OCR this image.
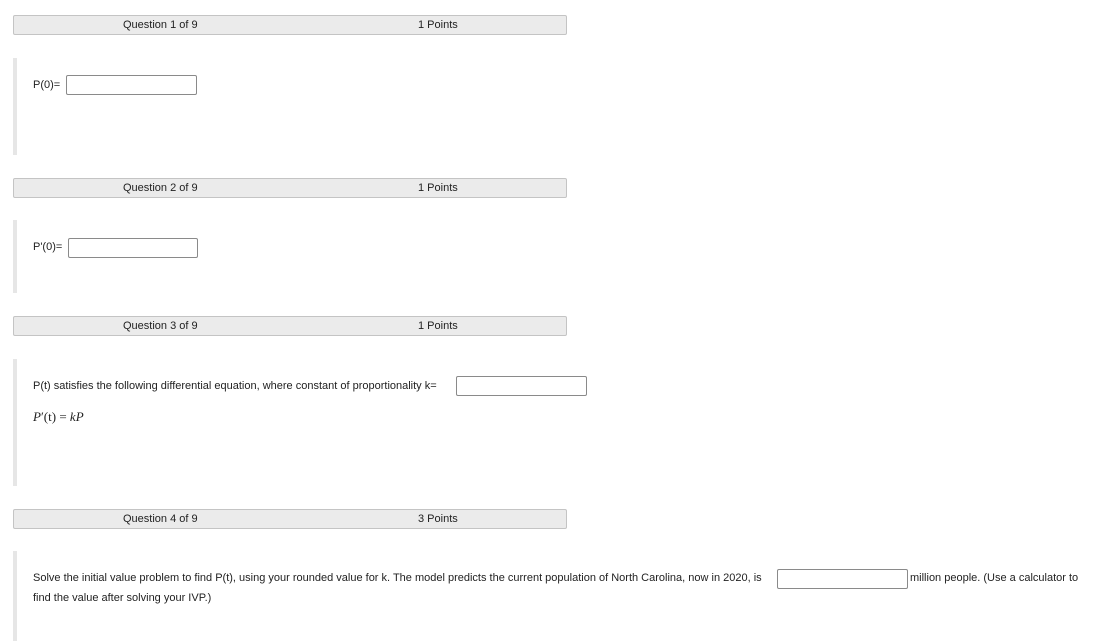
Question 1 of 9	1 Points
P(0)=
Question 2 of 9	1 Points
P'(0)=
Question 3 of 9	1 Points
P(t) satisfies the following differential equation, where constant of proportionality k=
P′(t) = kP
Question 4 of 9	3 Points
Solve the initial value problem to find P(t), using your rounded value for k. The model predicts the current population of North Carolina, now in 2020, is	million people. (Use a calculator to
find the value after solving your IVP.)
